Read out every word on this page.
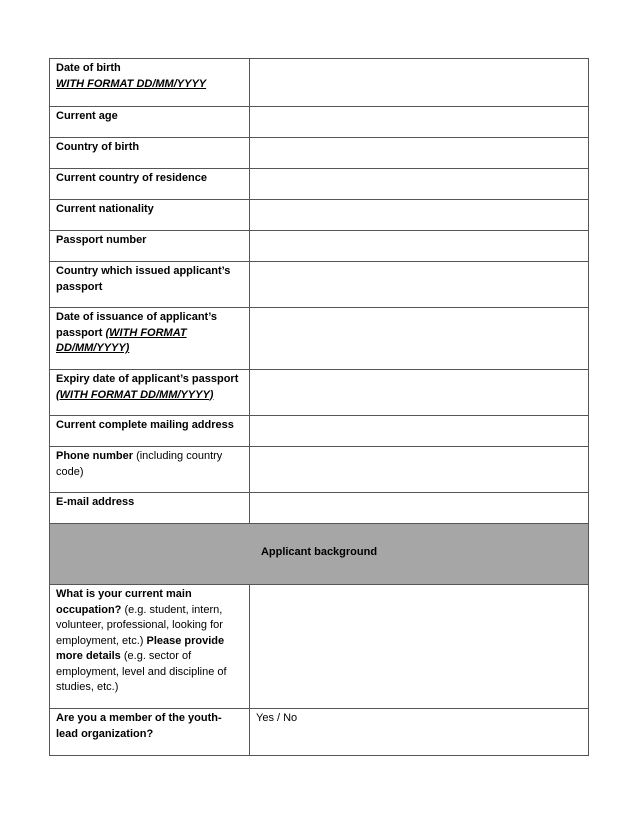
Date of birth
WITH FORMAT DD/MM/YYYY	
Current age	
Country of birth	
Current country of residence	
Current nationality	
Passport number	
Country which issued applicant’s passport	
Date of issuance of applicant’s passport (WITH FORMAT DD/MM/YYYY)	
Expiry date of applicant’s passport (WITH FORMAT DD/MM/YYYY)	
Current complete mailing address	
Phone number (including country code)	
E-mail address	
Applicant background	
What is your current main occupation? (e.g. student, intern, volunteer, professional, looking for employment, etc.) Please provide more details (e.g. sector of employment, level and discipline of studies, etc.)	
Are you a member of the youth-lead organization?	Yes / No
